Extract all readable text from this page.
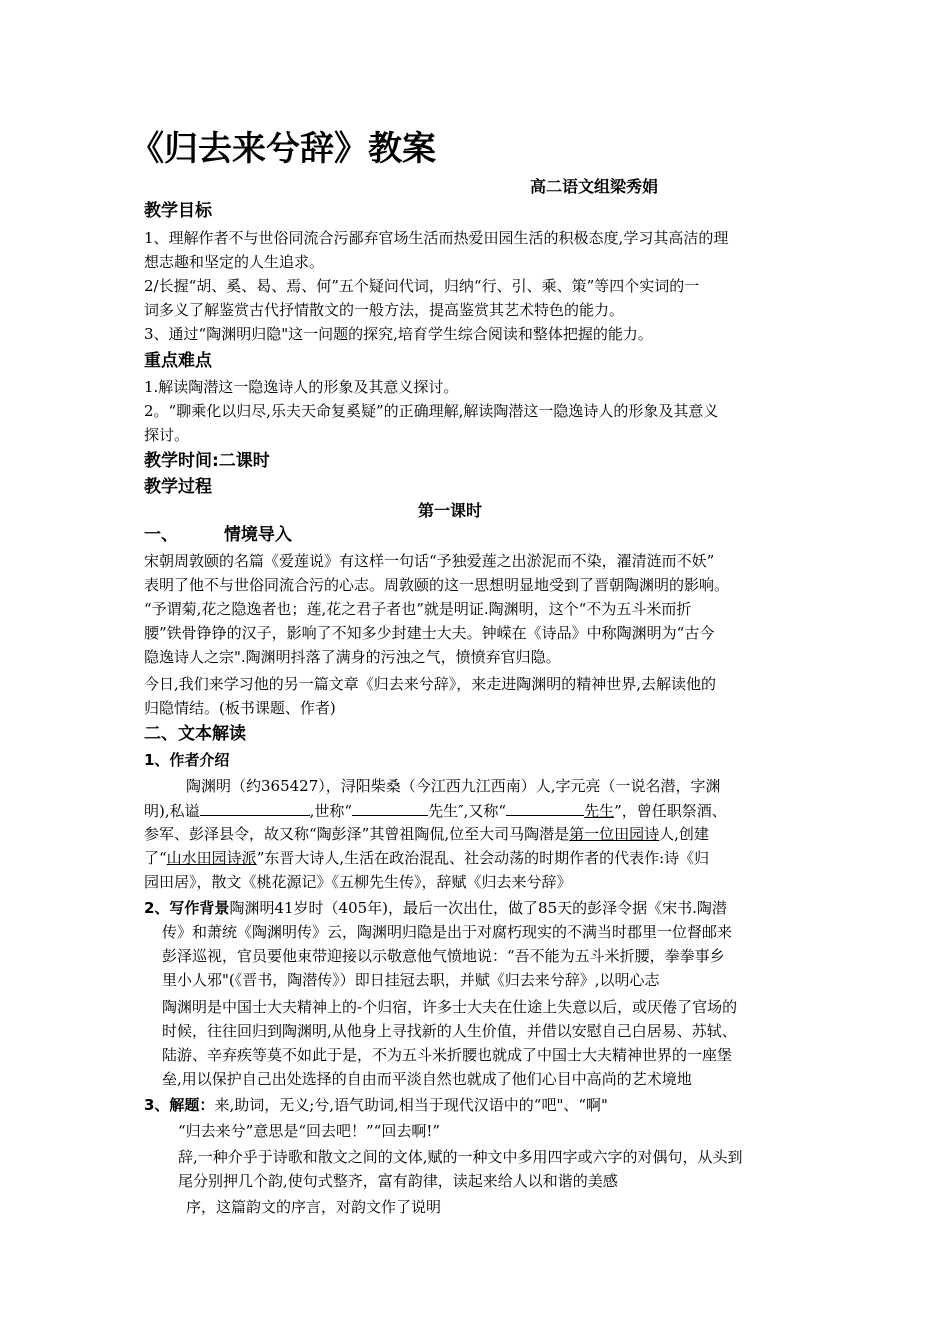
《归去来兮辞》教案
高二语文组梁秀娟
教学目标
1、理解作者不与世俗同流合污鄙弃官场生活而热爱田园生活的积极态度,学习其高洁的理
想志趣和坚定的人生追求。
2/长握“胡、奚、曷、焉、何”五个疑问代词，归纳“行、引、乘、策”等四个实词的一
词多义了解鉴赏古代抒情散文的一般方法，提高鉴赏其艺术特色的能力。
3、通过“陶渊明归隐"这一问题的探究,培育学生综合阅读和整体把握的能力。
重点难点
1.解读陶潜这一隐逸诗人的形象及其意义探讨。
2。“聊乘化以归尽,乐夫天命复奚疑”的正确理解,解读陶潜这一隐逸诗人的形象及其意义
探讨。
教学时间:二课时
教学过程
第一课时
一、	情境导入
宋朝周敦颐的名篇《爱莲说》有这样一句话“予独爱莲之出淤泥而不染，濯清涟而不妖”
表明了他不与世俗同流合污的心志。周敦颐的这一思想明显地受到了晋朝陶渊明的影响。
“予谓菊,花之隐逸者也；莲,花之君子者也”就是明证.陶渊明，这个“不为五斗米而折
腰”铁骨铮铮的汉子，影响了不知多少封建士大夫。钟嵘在《诗品》中称陶渊明为“古今
隐逸诗人之宗".陶渊明抖落了满身的污浊之气，愤愤弃官归隐。
今日,我们来学习他的另一篇文章《归去来兮辞》，来走进陶渊明的精神世界,去解读他的
归隐情结。(板书课题、作者)
二、文本解读
1、作者介绍
陶渊明（约365427），浔阳柴桑（今江西九江西南）人,字元亮（一说名潜，字渊
明),私谥	,世称“	先生″,又称“	先生”，曾任职祭酒、
参军、彭泽县令，故又称“陶彭泽”其曾祖陶侃,位至大司马陶潜是第一位田园诗人,创建
了“山水田园诗派”东晋大诗人,生活在政治混乱、社会动荡的时期作者的代表作:诗《归
园田居》，散文《桃花源记》《五柳先生传》，辞赋《归去来兮辞》
2、写作背景陶渊明41岁时（405年)，最后一次出仕，做了85天的彭泽令据《宋书.陶潜
传》和萧统《陶渊明传》云，陶渊明归隐是出于对腐朽现实的不满当时郡里一位督邮来
彭泽巡视，官员要他束带迎接以示敬意他气愤地说：“吾不能为五斗米折腰，拳拳事乡
里小人邪"(《晋书，陶潜传》）即日挂冠去职，并赋《归去来兮辞》,以明心志
陶渊明是中国士大夫精神上的-个归宿，许多士大夫在仕途上失意以后，或厌倦了官场的
时候，往往回归到陶渊明,从他身上寻找新的人生价值，并借以安慰自己白居易、苏轼、
陆游、辛弃疾等莫不如此于是，不为五斗米折腰也就成了中国士大夫精神世界的一座堡
垒,用以保护自己出处选择的自由而平淡自然也就成了他们心目中高尚的艺术境地
3、解题：来,助词，无义;兮,语气助词,相当于现代汉语中的“吧"、“啊"
“归去来兮”意思是“回去吧！”“回去啊!”
辞,一种介乎于诗歌和散文之间的文体,赋的一种文中多用四字或六字的对偶句，从头到
尾分别押几个韵,使句式整齐，富有韵律，读起来给人以和谐的美感
序，这篇韵文的序言，对韵文作了说明
